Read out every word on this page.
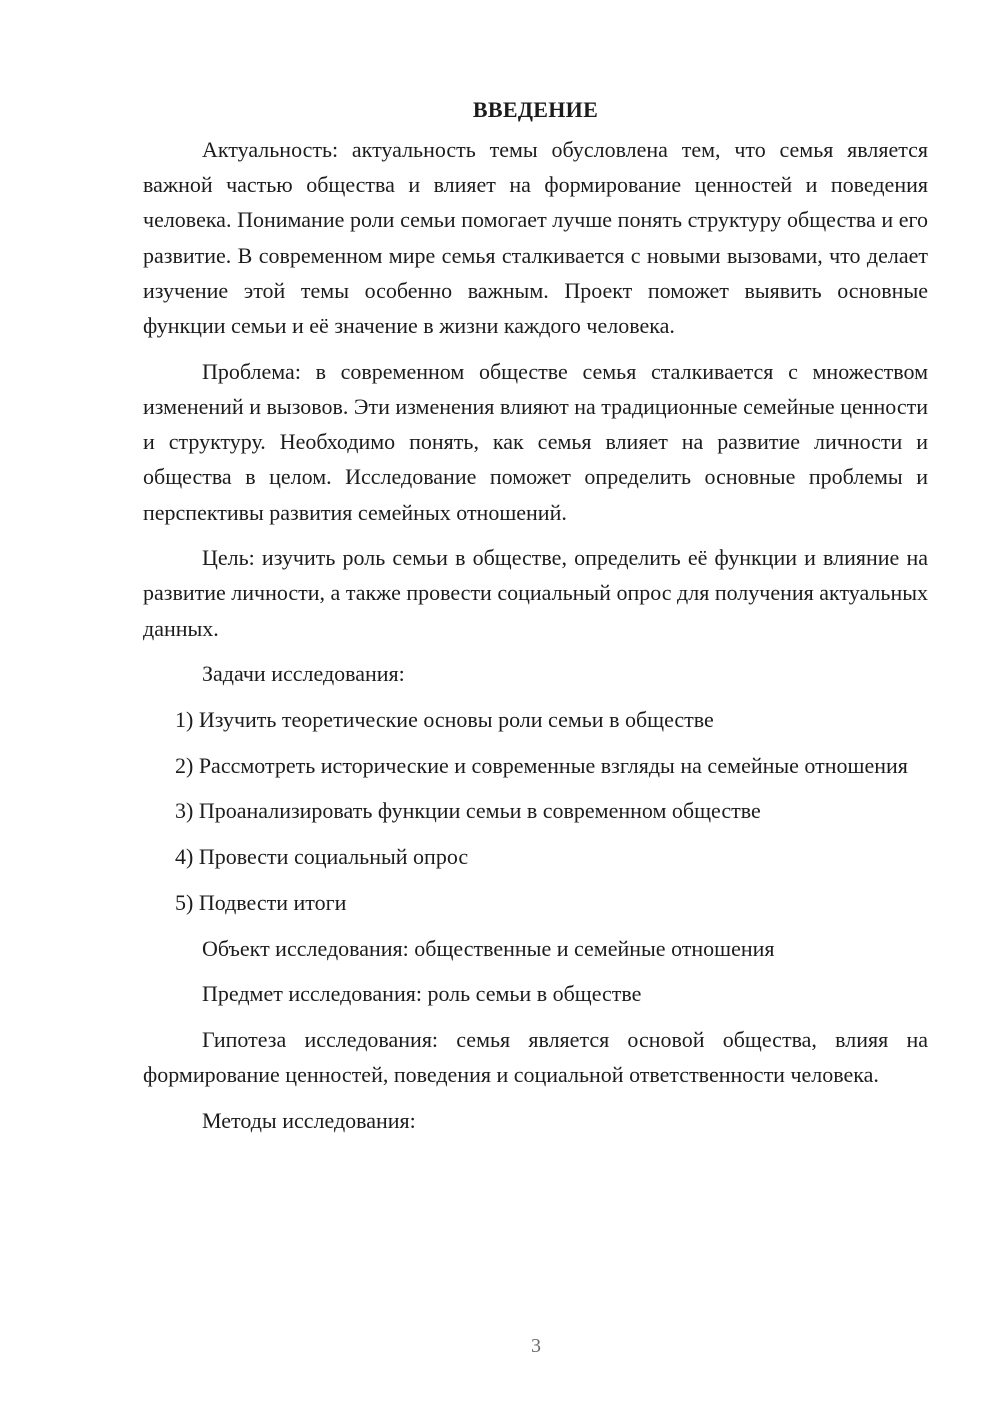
ВВЕДЕНИЕ
Актуальность: актуальность темы обусловлена тем, что семья является важной частью общества и влияет на формирование ценностей и поведения человека. Понимание роли семьи помогает лучше понять структуру общества и его развитие. В современном мире семья сталкивается с новыми вызовами, что делает изучение этой темы особенно важным. Проект поможет выявить основные функции семьи и её значение в жизни каждого человека.
Проблема: в современном обществе семья сталкивается с множеством изменений и вызовов. Эти изменения влияют на традиционные семейные ценности и структуру. Необходимо понять, как семья влияет на развитие личности и общества в целом. Исследование поможет определить основные проблемы и перспективы развития семейных отношений.
Цель: изучить роль семьи в обществе, определить её функции и влияние на развитие личности, а также провести социальный опрос для получения актуальных данных.
Задачи исследования:
1) Изучить теоретические основы роли семьи в обществе
2) Рассмотреть исторические и современные взгляды на семейные отношения
3) Проанализировать функции семьи в современном обществе
4) Провести социальный опрос
5) Подвести итоги
Объект исследования: общественные и семейные отношения
Предмет исследования: роль семьи в обществе
Гипотеза исследования: семья является основой общества, влияя на формирование ценностей, поведения и социальной ответственности человека.
Методы исследования:
3
